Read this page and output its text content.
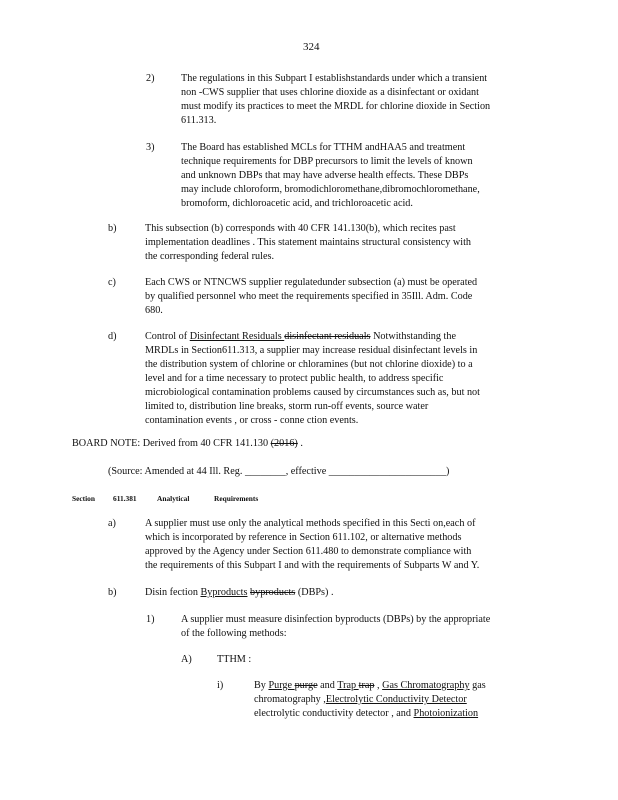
324
2)	The regulations in this Subpart I establishstandards under which a transient
non -CWS supplier that uses chlorine dioxide as a disinfectant or oxidant
must modify its practices to meet the MRDL for chlorine dioxide in Section
611.313.
3)	The Board has established MCLs for TTHM andHAA5 and treatment
technique requirements for DBP precursors to limit the levels of known
and unknown DBPs that may have adverse health effects. These DBPs
may include chloroform, bromodichloromethane,dibromochloromethane,
bromoform, dichloroacetic acid, and trichloroacetic acid.
b)	This subsection (b) corresponds with 40 CFR 141.130(b), which recites past
implementation deadlines . This statement maintains structural consistency with
the corresponding federal rules.
c)	Each CWS or NTNCWS supplier regulatedunder subsection (a) must be operated
by qualified personnel who meet the requirements specified in 35Ill. Adm. Code
680.
d)	Control of Disinfectant Residuals disinfectant residuals Notwithstanding the
MRDLs in Section611.313, a supplier may increase residual disinfectant levels in
the distribution system of chlorine or chloramines (but not chlorine dioxide) to a
level and for a time necessary to protect public health, to address specific
microbiological contamination problems caused by circumstances such as, but not
limited to, distribution line breaks, storm run-off events, source water
contamination events , or cross - conne ction events.
BOARD NOTE: Derived from 40 CFR 141.130 (2016) .
(Source: Amended at 44 Ill. Reg. ________, effective _______________________)
Section 611.381	Analytical	Requirements
a)	A supplier must use only the analytical methods specified in this Secti on,each of
which is incorporated by reference in Section 611.102, or alternative methods
approved by the Agency under Section 611.480 to demonstrate compliance with
the requirements of this Subpart I and with the requirements of Subparts W and Y.
b)	Disin fection Byproducts byproducts (DBPs) .
1)	A supplier must measure disinfection byproducts (DBPs) by the appropriate
of the following methods:
A) TTHM :
i)	By Purge purge and Trap trap , Gas Chromatography gas
chromatography ,Electrolytic Conductivity Detector
electrolytic conductivity detector , and Photoionization
